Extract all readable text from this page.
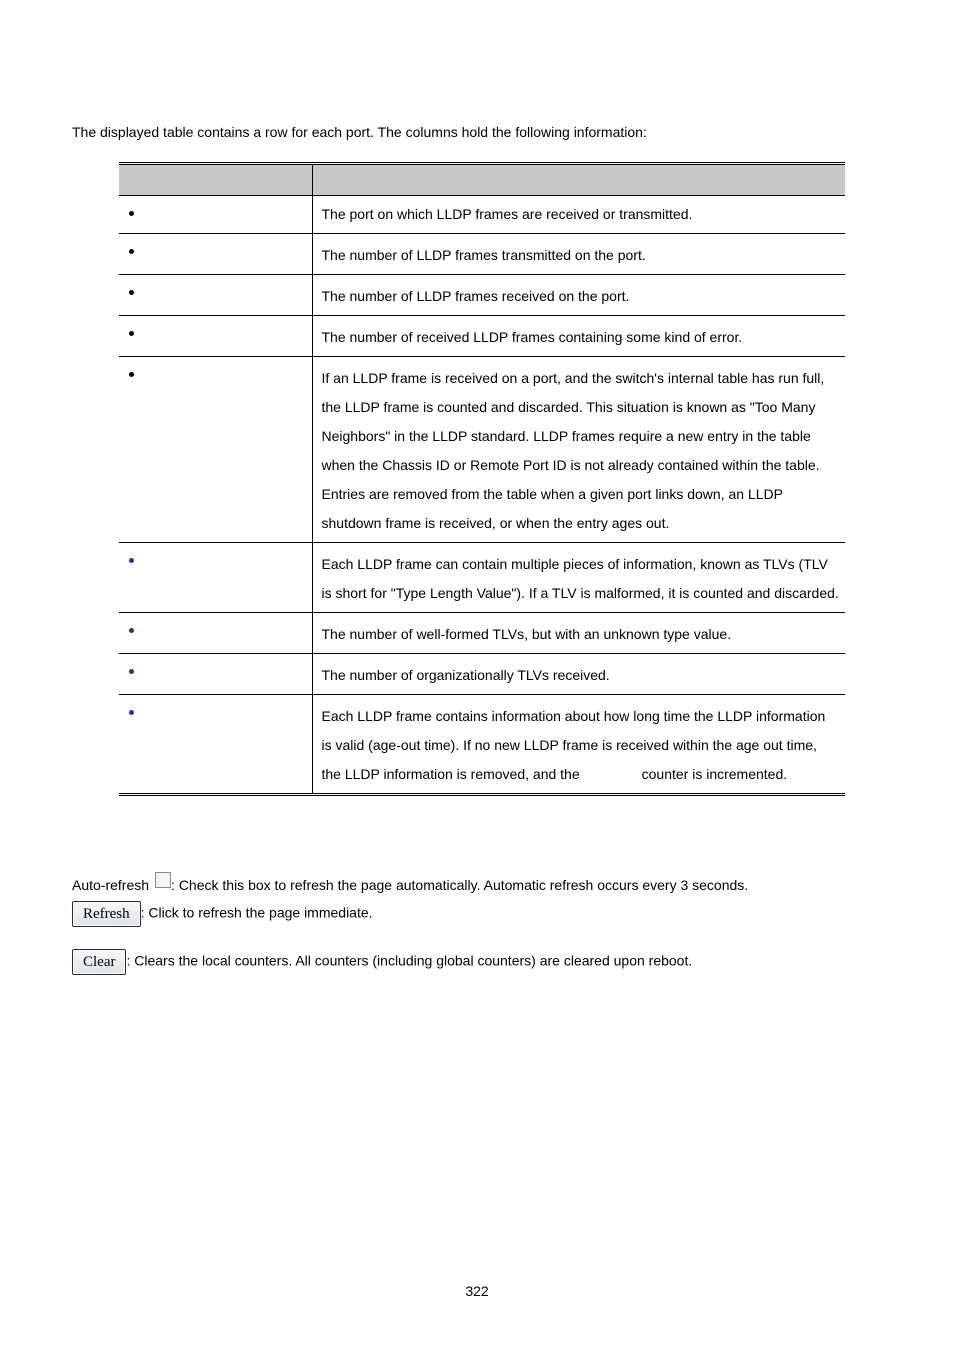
The displayed table contains a row for each port. The columns hold the following information:

	The port on which LLDP frames are received or transmitted.

	The number of LLDP frames transmitted on the port.

	The number of LLDP frames received on the port.

	The number of received LLDP frames containing some kind of error.

	If an LLDP frame is received on a port, and the switch's internal table has run full, the LLDP frame is counted and discarded. This situation is known as "Too Many Neighbors" in the LLDP standard. LLDP frames require a new entry in the table when the Chassis ID or Remote Port ID is not already contained within the table. Entries are removed from the table when a given port links down, an LLDP shutdown frame is received, or when the entry ages out.

	Each LLDP frame can contain multiple pieces of information, known as TLVs (TLV is short for "Type Length Value"). If a TLV is malformed, it is counted and discarded.

	The number of well-formed TLVs, but with an unknown type value.

	The number of organizationally TLVs received.

	Each LLDP frame contains information about how long time the LLDP information is valid (age-out time). If no new LLDP frame is received within the age out time, the LLDP information is removed, and the counter is incremented.
Auto-refresh : Check this box to refresh the page automatically. Automatic refresh occurs every 3 seconds.
Refresh : Click to refresh the page immediate.
Clear : Clears the local counters. All counters (including global counters) are cleared upon reboot.
322
